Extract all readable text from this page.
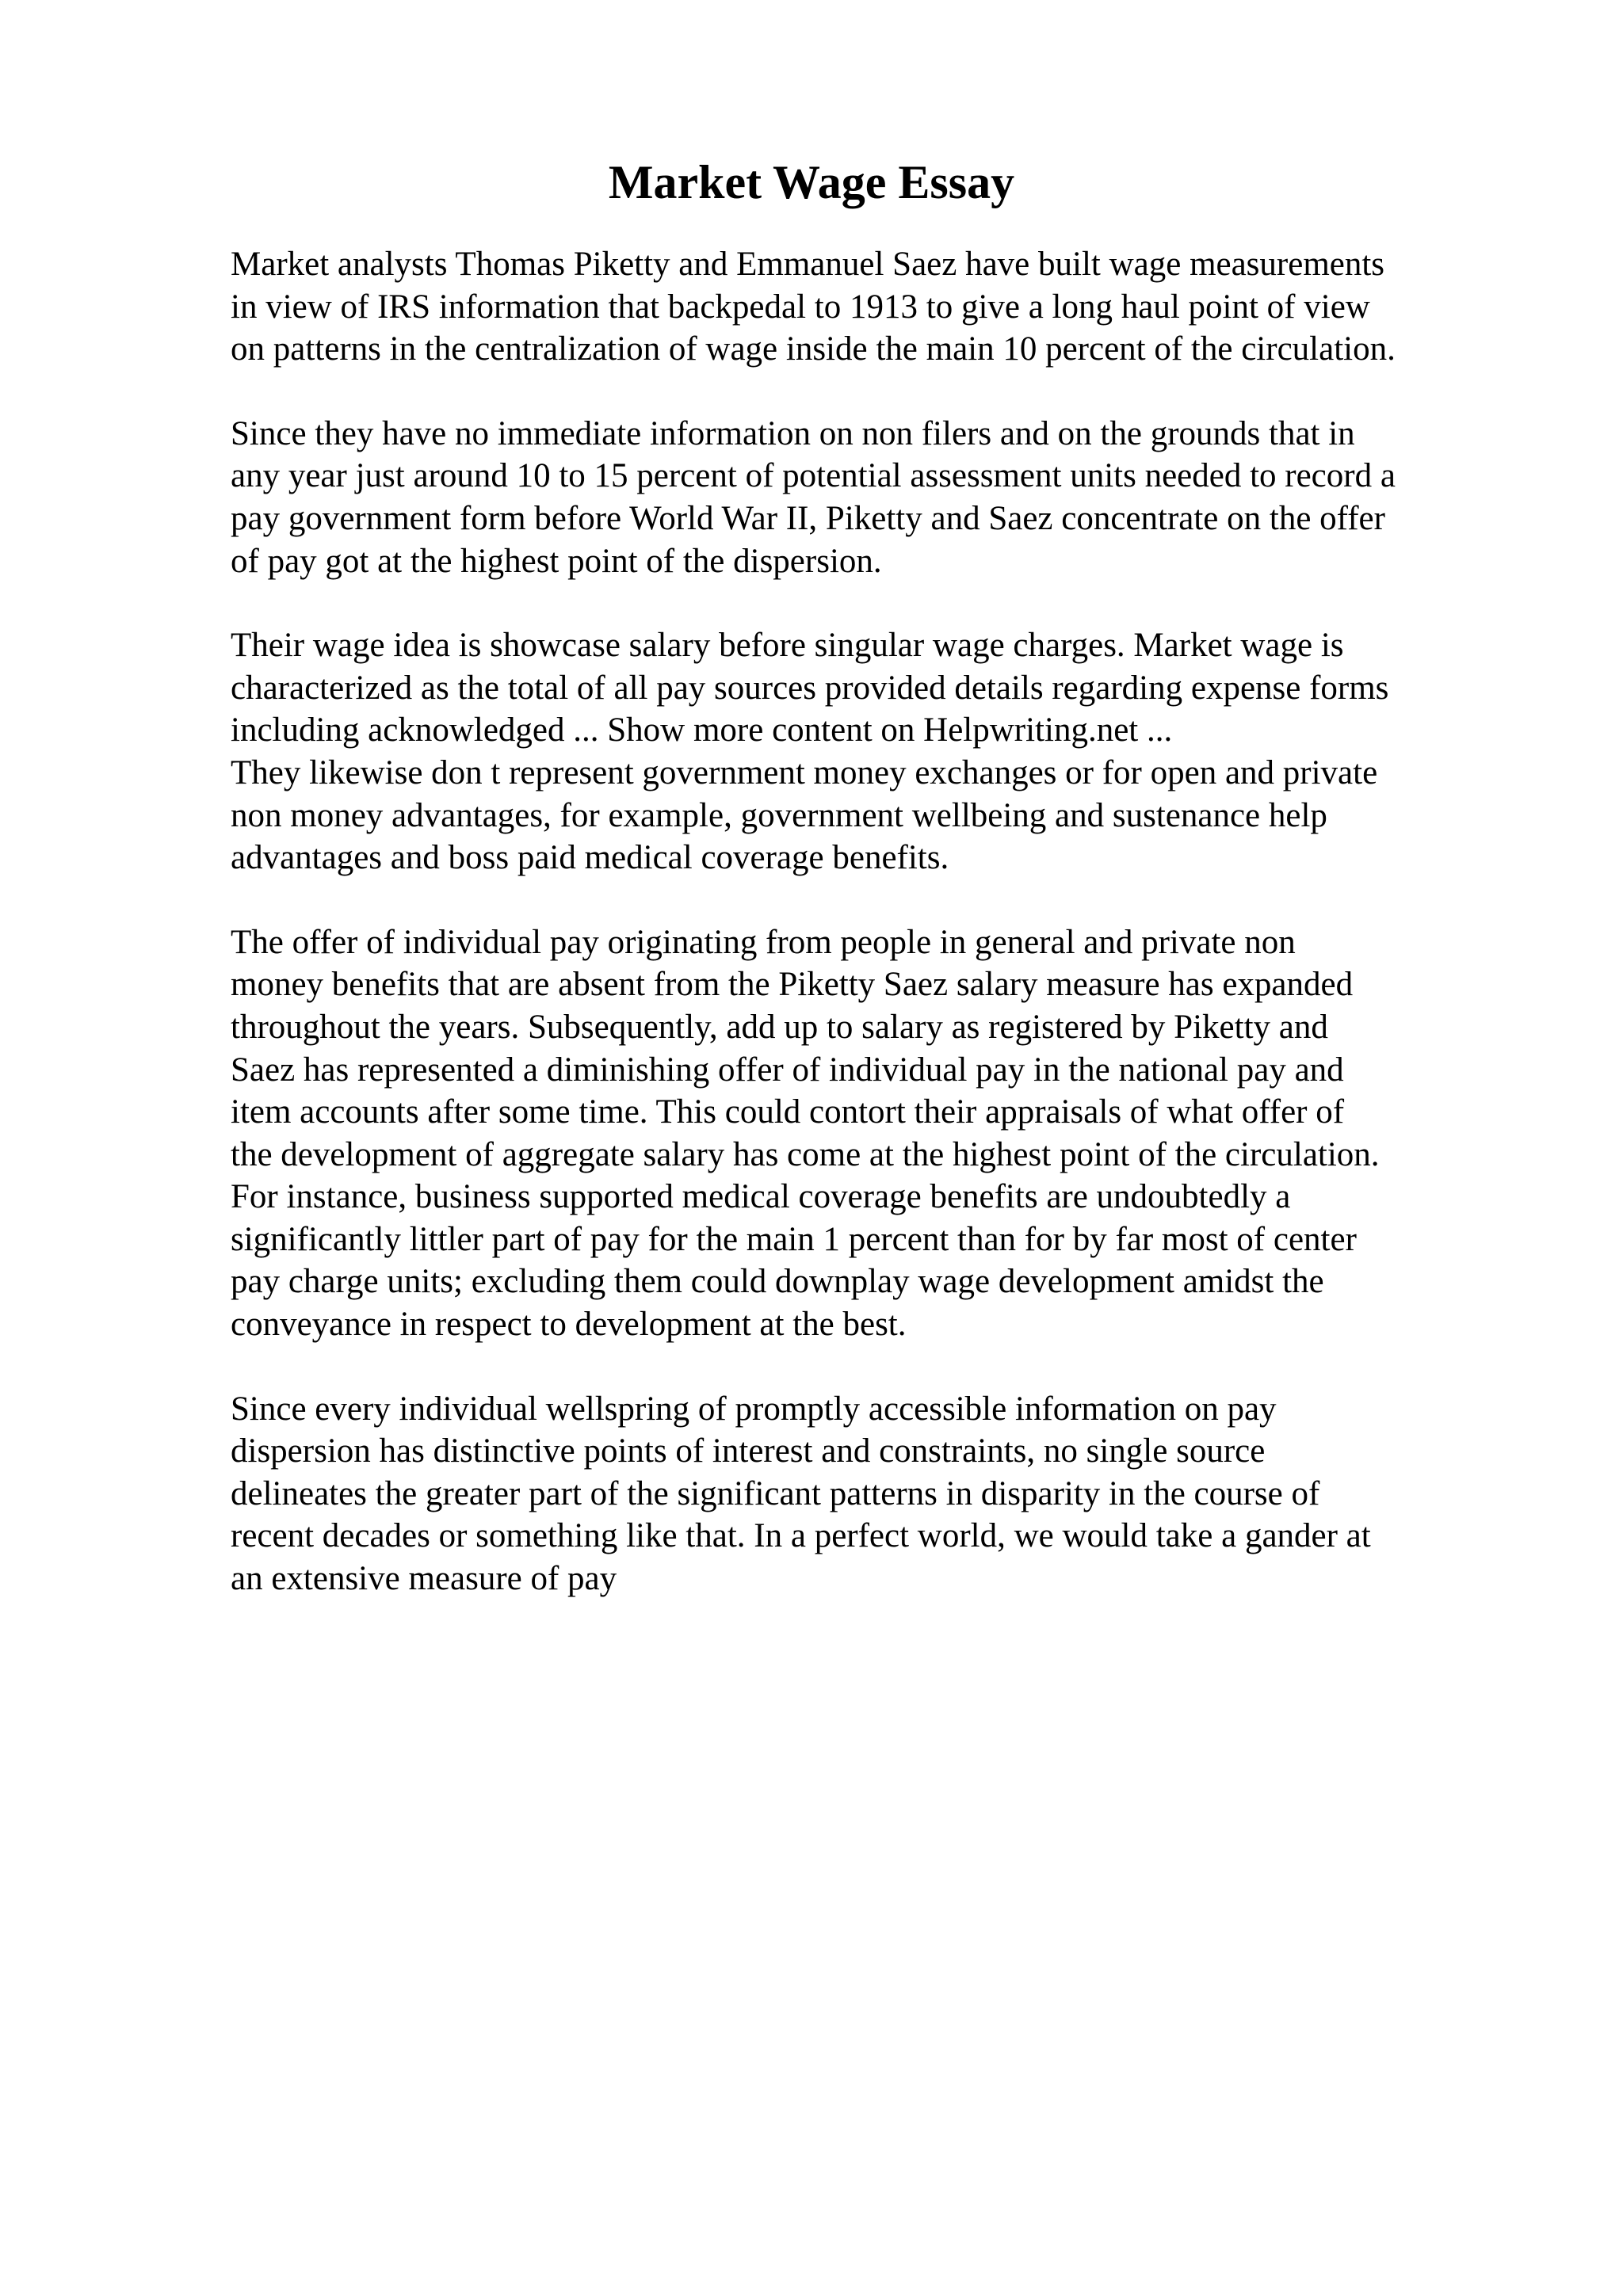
Market Wage Essay

Market analysts Thomas Piketty and Emmanuel Saez have built wage measurements
in view of IRS information that backpedal to 1913 to give a long haul point of view
on patterns in the centralization of wage inside the main 10 percent of the circulation.

Since they have no immediate information on non filers and on the grounds that in
any year just around 10 to 15 percent of potential assessment units needed to record a
pay government form before World War II, Piketty and Saez concentrate on the offer
of pay got at the highest point of the dispersion.

Their wage idea is showcase salary before singular wage charges. Market wage is
characterized as the total of all pay sources provided details regarding expense forms
including acknowledged ... Show more content on Helpwriting.net ...

They likewise don t represent government money exchanges or for open and private
non money advantages, for example, government wellbeing and sustenance help
advantages and boss paid medical coverage benefits.

The offer of individual pay originating from people in general and private non
money benefits that are absent from the Piketty Saez salary measure has expanded
throughout the years. Subsequently, add up to salary as registered by Piketty and
Saez has represented a diminishing offer of individual pay in the national pay and
item accounts after some time. This could contort their appraisals of what offer of
the development of aggregate salary has come at the highest point of the circulation.
For instance, business supported medical coverage benefits are undoubtedly a
significantly littler part of pay for the main 1 percent than for by far most of center
pay charge units; excluding them could downplay wage development amidst the
conveyance in respect to development at the best.

Since every individual wellspring of promptly accessible information on pay
dispersion has distinctive points of interest and constraints, no single source
delineates the greater part of the significant patterns in disparity in the course of
recent decades or something like that. In a perfect world, we would take a gander at
an extensive measure of pay
